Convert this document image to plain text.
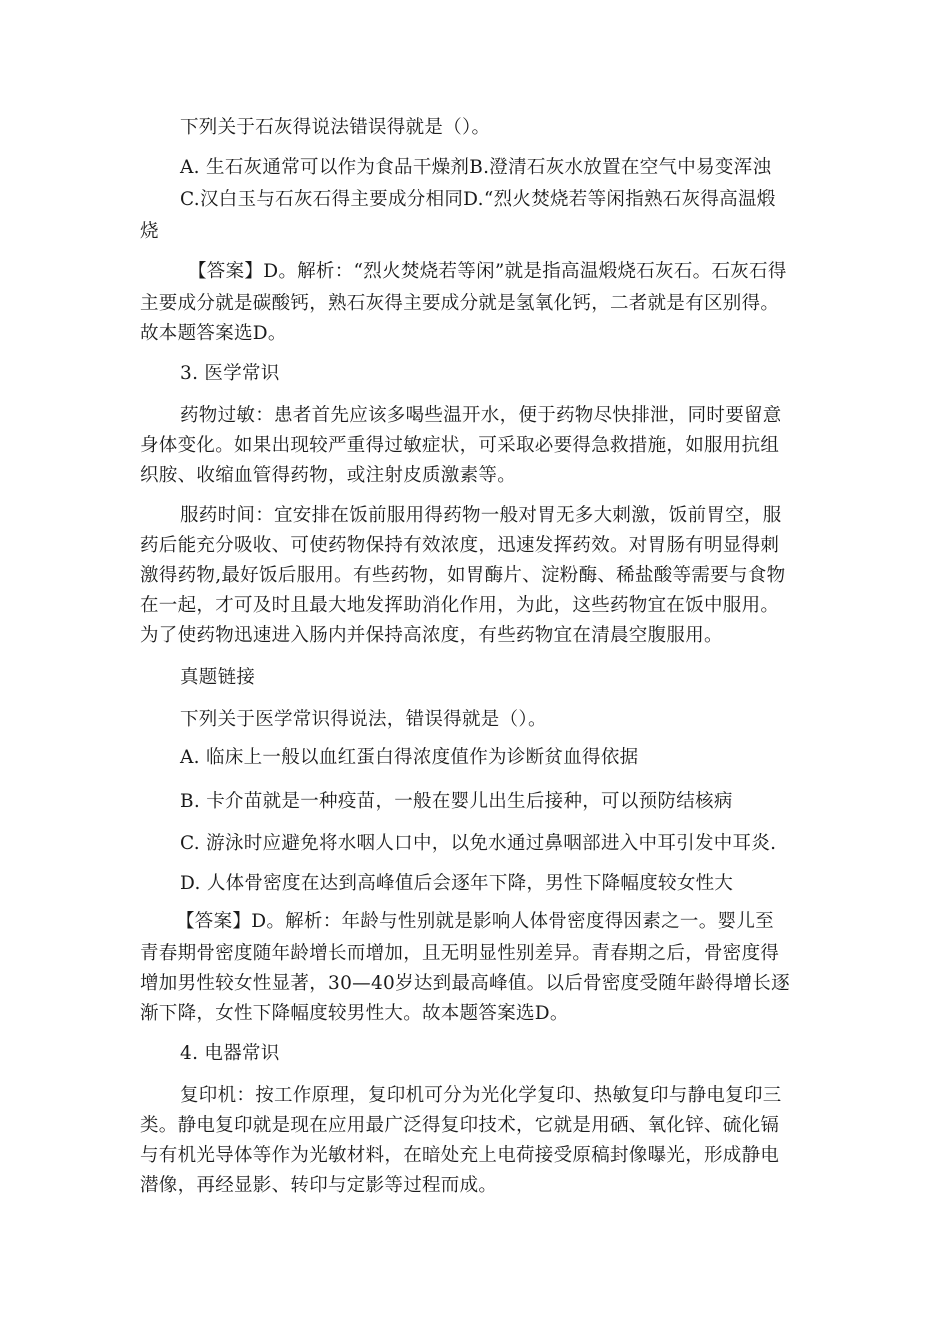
下列关于石灰得说法错误得就是（）。
A. 生石灰通常可以作为食品干燥剂B.澄清石灰水放置在空气中易变浑浊
C.汉白玉与石灰石得主要成分相同D.“烈火焚烧若等闲指熟石灰得高温煅
烧
【答案】D。解析：“烈火焚烧若等闲”就是指高温煅烧石灰石。石灰石得
主要成分就是碳酸钙，熟石灰得主要成分就是氢氧化钙，二者就是有区别得。
故本题答案选D。
3. 医学常识
药物过敏：患者首先应该多喝些温开水，便于药物尽快排泄，同时要留意
身体变化。如果出现较严重得过敏症状，可采取必要得急救措施，如服用抗组
织胺、收缩血管得药物，或注射皮质激素等。
服药时间：宜安排在饭前服用得药物一般对胃无多大刺激，饭前胃空，服
药后能充分吸收、可使药物保持有效浓度，迅速发挥药效。对胃肠有明显得刺
激得药物,最好饭后服用。有些药物，如胃酶片、淀粉酶、稀盐酸等需要与食物
在一起，才可及时且最大地发挥助消化作用，为此，这些药物宜在饭中服用。
为了使药物迅速进入肠内并保持高浓度，有些药物宜在清晨空腹服用。
真题链接
下列关于医学常识得说法，错误得就是（）。
A. 临床上一般以血红蛋白得浓度值作为诊断贫血得依据
B. 卡介苗就是一种疫苗，一般在婴儿出生后接种，可以预防结核病
C. 游泳时应避免将水咽人口中，以免水通过鼻咽部进入中耳引发中耳炎.
D. 人体骨密度在达到高峰值后会逐年下降，男性下降幅度较女性大
【答案】D。解析：年龄与性别就是影响人体骨密度得因素之一。婴儿至
青春期骨密度随年龄增长而增加，且无明显性别差异。青春期之后，骨密度得
增加男性较女性显著，30—40岁达到最高峰值。以后骨密度受随年龄得增长逐
渐下降，女性下降幅度较男性大。故本题答案选D。
4. 电器常识
复印机：按工作原理，复印机可分为光化学复印、热敏复印与静电复印三
类。静电复印就是现在应用最广泛得复印技术，它就是用硒、氧化锌、硫化镉
与有机光导体等作为光敏材料，在暗处充上电荷接受原稿封像曝光，形成静电
潜像，再经显影、转印与定影等过程而成。
